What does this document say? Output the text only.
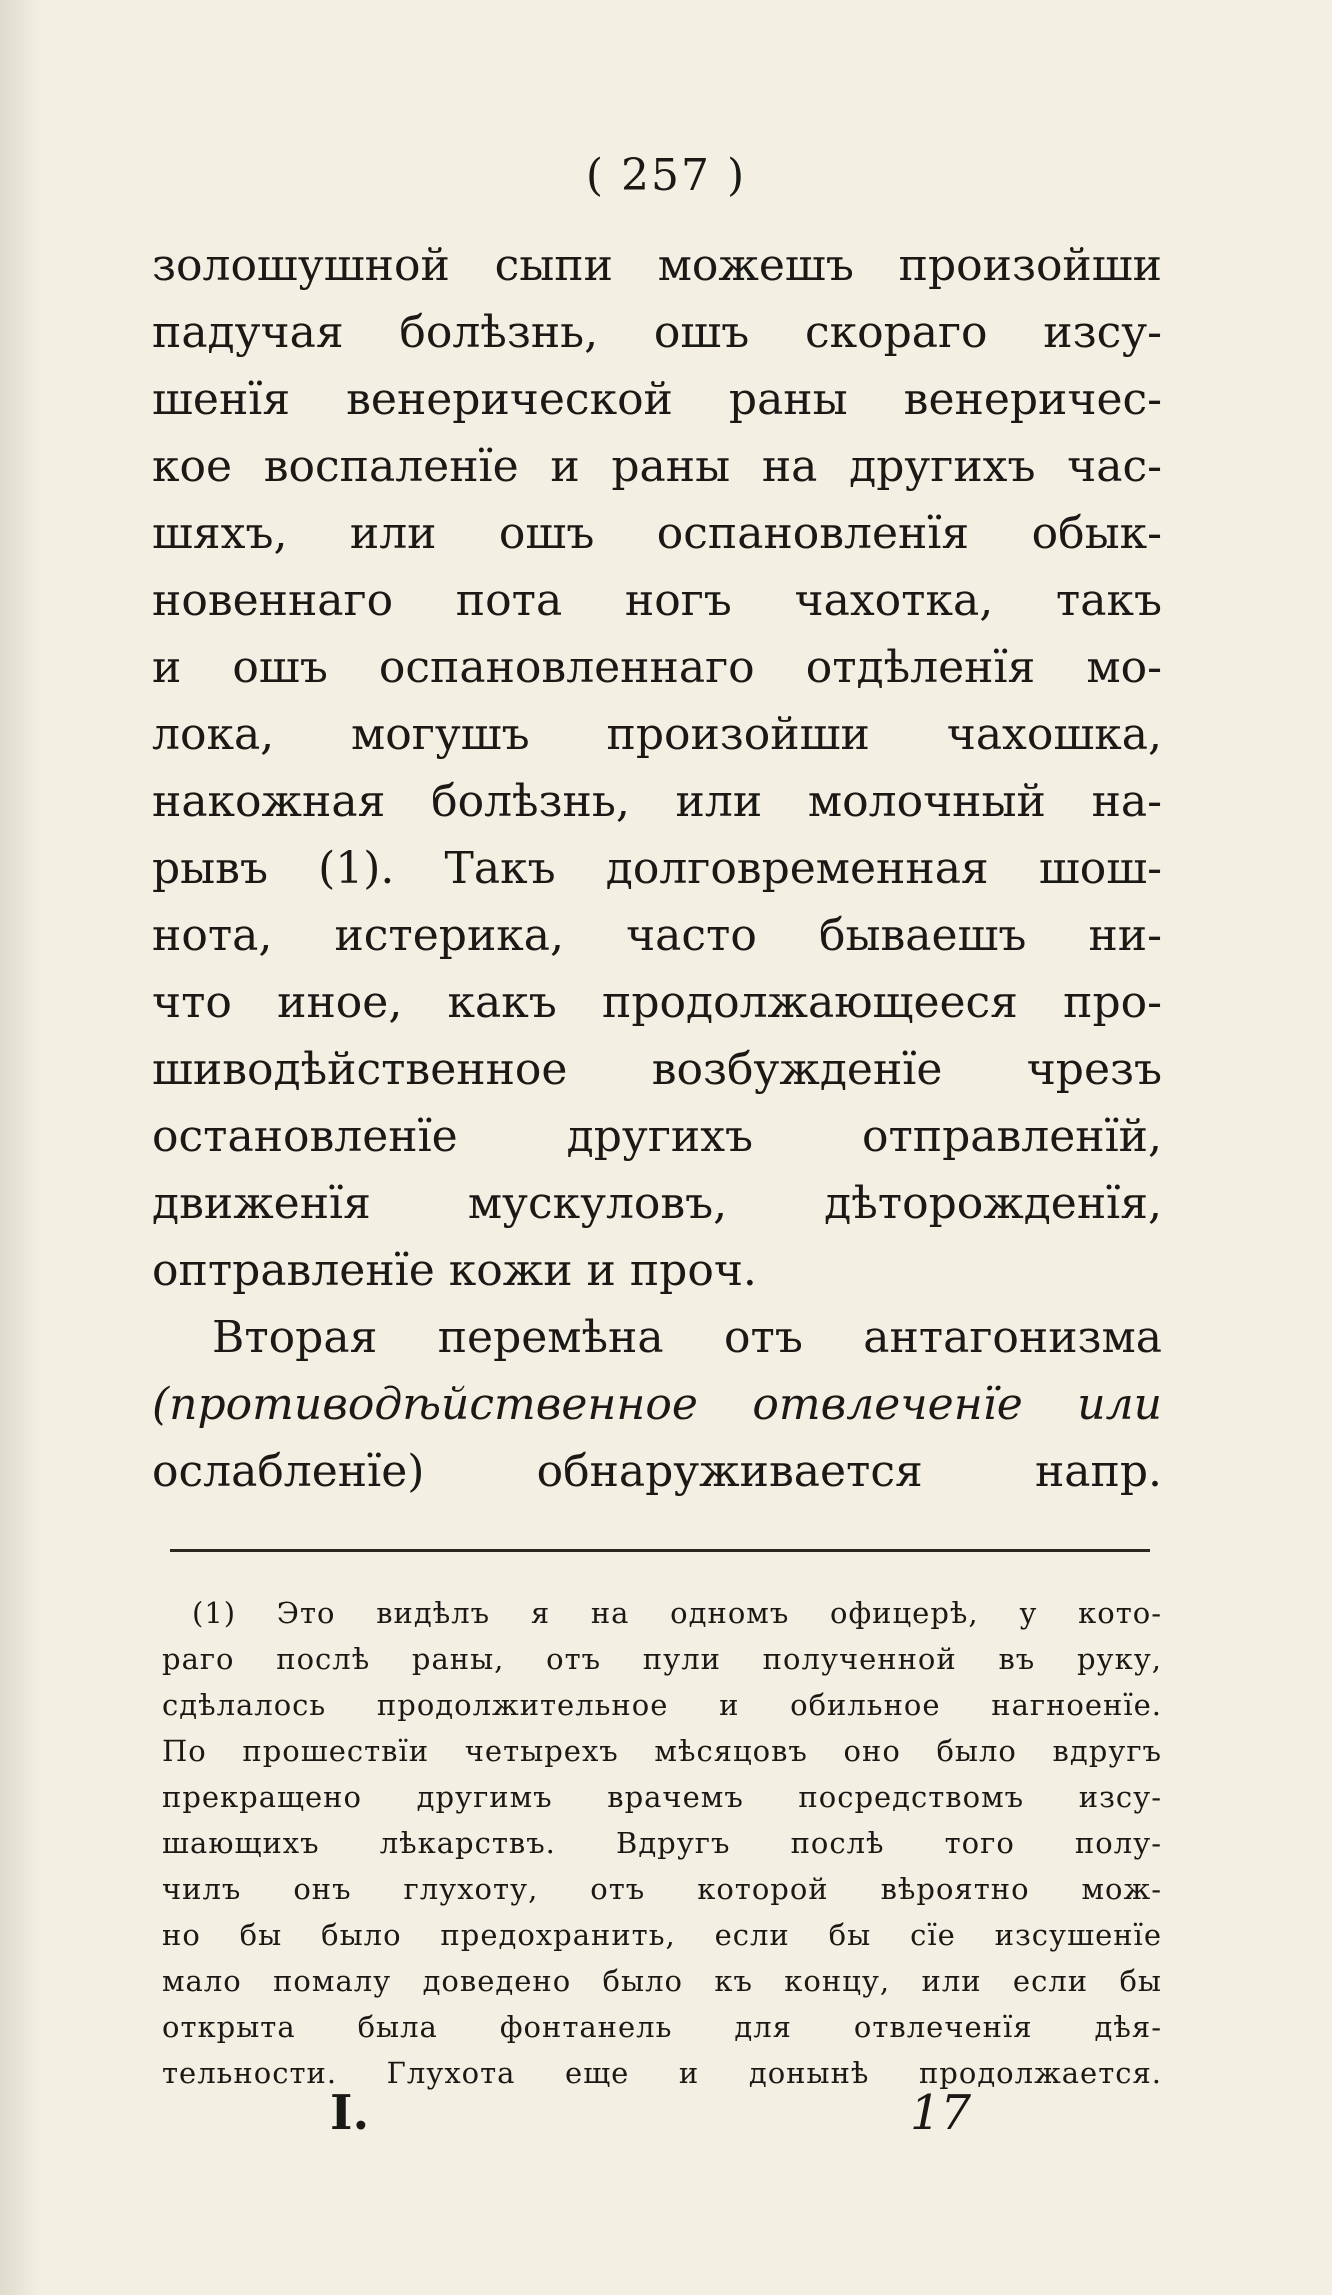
( 257 )
золошушной сыпи можешъ произойши
падучая болѣзнь, ошъ скораго изсу-
шенїя венерической раны венеричес-
кое воспаленїе и раны на другихъ час-
шяхъ, или ошъ оспановленїя обык-
новеннаго пота ногъ чахотка, такъ
и ошъ оспановленнаго отдѣленїя мо-
лока, могушъ произойши чахошка,
накожная болѣзнь, или молочный на-
рывъ (1). Такъ долговременная шош-
нота, истерика, часто бываешъ ни-
что иное, какъ продолжающееся про-
шиводѣйственное возбужденїе чрезъ
остановленїе другихъ отправленїй,
движенїя мускуловъ, дѣторожденїя,
оптравленїе кожи и проч.
Вторая перемѣна отъ антагонизма
(противодѣйственное отвлеченїе или
ослабленїе) обнаруживается напр.
(1) Это видѣлъ я на одномъ офицерѣ, у кото-
раго послѣ раны, отъ пули полученной въ руку,
сдѣлалось продолжительное и обильное нагноенїе.
По прошествїи четырехъ мѣсяцовъ оно было вдругъ
прекращено другимъ врачемъ посредствомъ изсу-
шающихъ лѣкарствъ. Вдругъ послѣ того полу-
чилъ онъ глухоту, отъ которой вѣроятно мож-
но бы было предохранить, если бы сїе изсушенїе
мало помалу доведено было къ концу, или если бы
открыта была фонтанель для отвлеченїя дѣя-
тельности. Глухота еще и донынѣ продолжается.
I.	17
